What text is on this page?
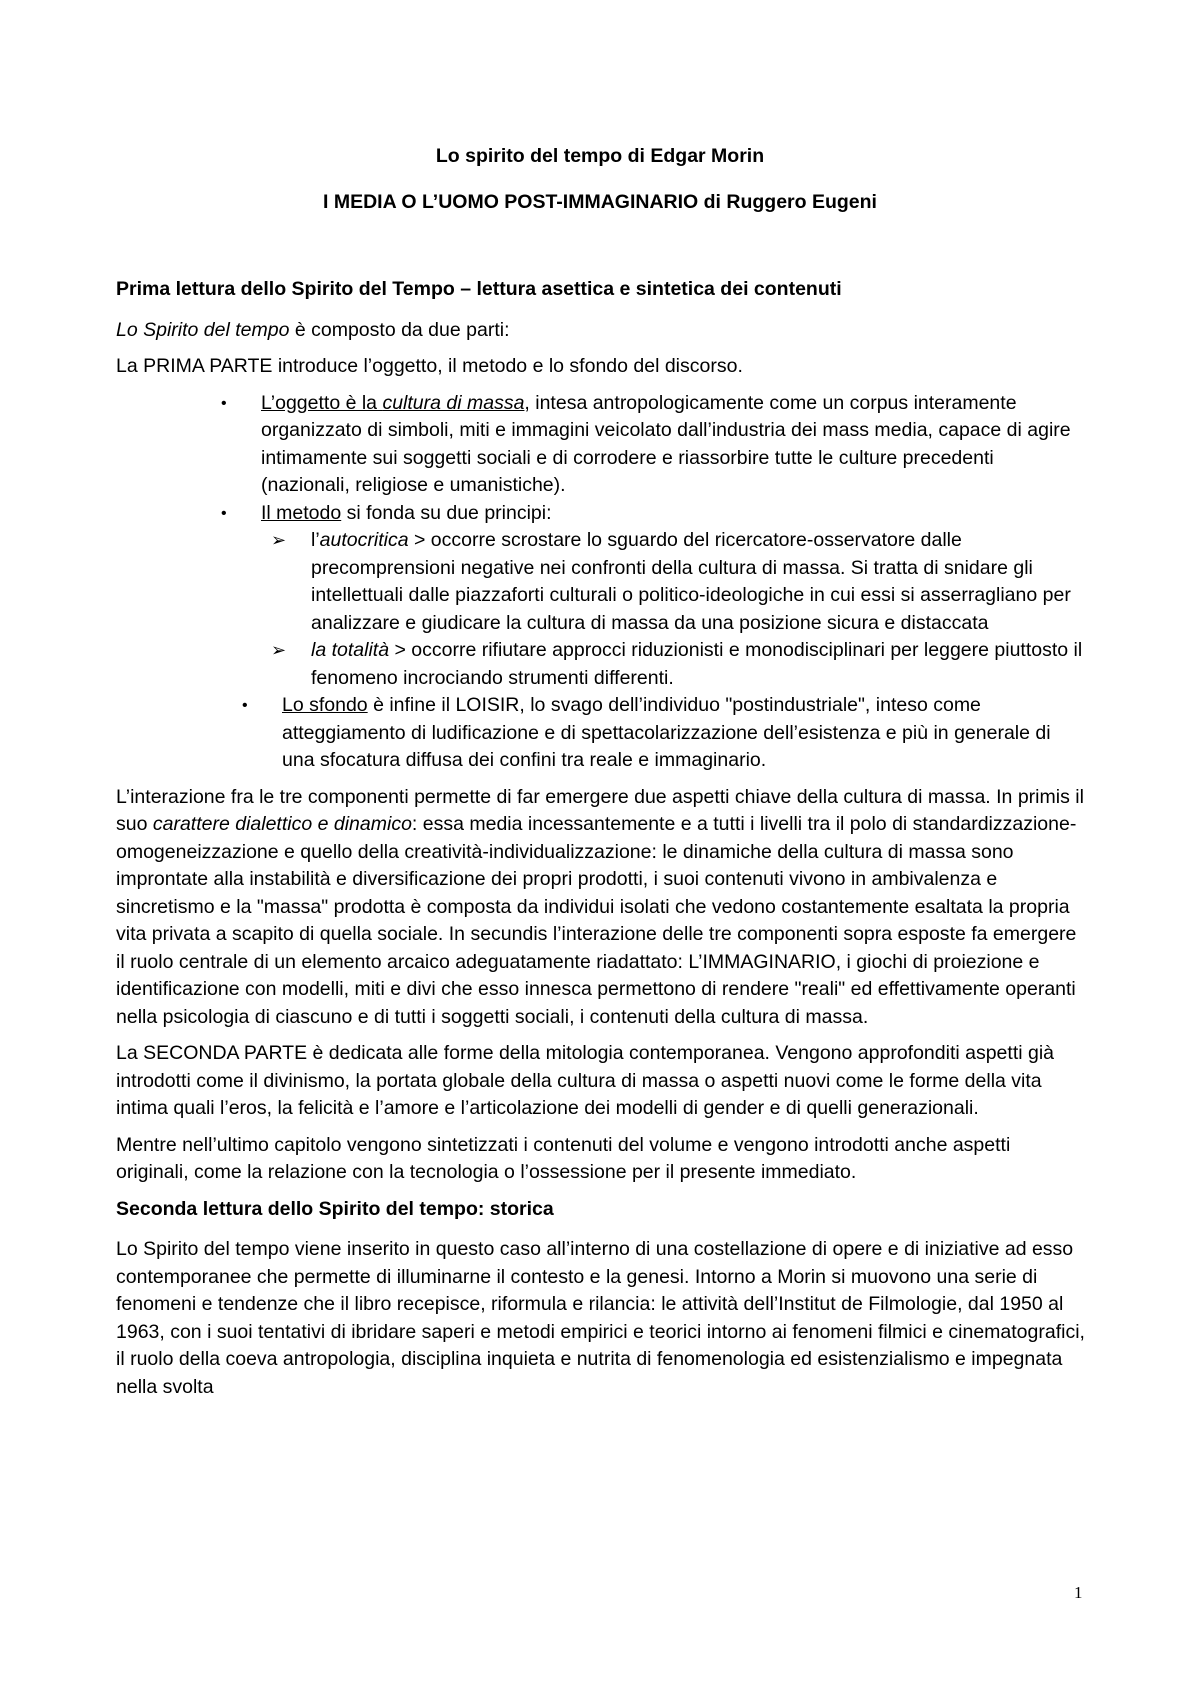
Lo spirito del tempo di Edgar Morin
I MEDIA O L’UOMO POST-IMMAGINARIO di Ruggero Eugeni

Prima lettura dello Spirito del Tempo – lettura asettica e sintetica dei contenuti

Lo Spirito del tempo è composto da due parti:

La PRIMA PARTE introduce l’oggetto, il metodo e lo sfondo del discorso.

• L’oggetto è la cultura di massa, intesa antropologicamente come un corpus interamente organizzato di simboli, miti e immagini veicolato dall’industria dei mass media, capace di agire intimamente sui soggetti sociali e di corrodere e riassorbire tutte le culture precedenti (nazionali, religiose e umanistiche).
• Il metodo si fonda su due principi:
➢ l’autocritica > occorre scrostare lo sguardo del ricercatore-osservatore dalle precomprensioni negative nei confronti della cultura di massa. Si tratta di snidare gli intellettuali dalle piazzaforti culturali o politico-ideologiche in cui essi si asserragliano per analizzare e giudicare la cultura di massa da una posizione sicura e distaccata
➢ la totalità > occorre rifiutare approcci riduzionisti e monodisciplinari per leggere piuttosto il fenomeno incrociando strumenti differenti.
• Lo sfondo è infine il LOISIR, lo svago dell’individuo "postindustriale", inteso come atteggiamento di ludificazione e di spettacolarizzazione dell’esistenza e più in generale di una sfocatura diffusa dei confini tra reale e immaginario.

L’interazione fra le tre componenti permette di far emergere due aspetti chiave della cultura di massa. In primis il suo carattere dialettico e dinamico: essa media incessantemente e a tutti i livelli tra il polo di standardizzazione-omogeneizzazione e quello della creatività-individualizzazione: le dinamiche della cultura di massa sono improntate alla instabilità e diversificazione dei propri prodotti, i suoi contenuti vivono in ambivalenza e sincretismo e la "massa" prodotta è composta da individui isolati che vedono costantemente esaltata la propria vita privata a scapito di quella sociale. In secundis l’interazione delle tre componenti sopra esposte fa emergere il ruolo centrale di un elemento arcaico adeguatamente riadattato: L’IMMAGINARIO, i giochi di proiezione e identificazione con modelli, miti e divi che esso innesca permettono di rendere "reali" ed effettivamente operanti nella psicologia di ciascuno e di tutti i soggetti sociali, i contenuti della cultura di massa.

La SECONDA PARTE è dedicata alle forme della mitologia contemporanea. Vengono approfonditi aspetti già introdotti come il divinismo, la portata globale della cultura di massa o aspetti nuovi come le forme della vita intima quali l’eros, la felicità e l’amore e l’articolazione dei modelli di gender e di quelli generazionali.

Mentre nell’ultimo capitolo vengono sintetizzati i contenuti del volume e vengono introdotti anche aspetti originali, come la relazione con la tecnologia o l’ossessione per il presente immediato.

Seconda lettura dello Spirito del tempo: storica

Lo Spirito del tempo viene inserito in questo caso all’interno di una costellazione di opere e di iniziative ad esso contemporanee che permette di illuminarne il contesto e la genesi. Intorno a Morin si muovono una serie di fenomeni e tendenze che il libro recepisce, riformula e rilancia: le attività dell’Institut de Filmologie, dal 1950 al 1963, con i suoi tentativi di ibridare saperi e metodi empirici e teorici intorno ai fenomeni filmici e cinematografici, il ruolo della coeva antropologia, disciplina inquieta e nutrita di fenomenologia ed esistenzialismo e impegnata nella svolta

1
